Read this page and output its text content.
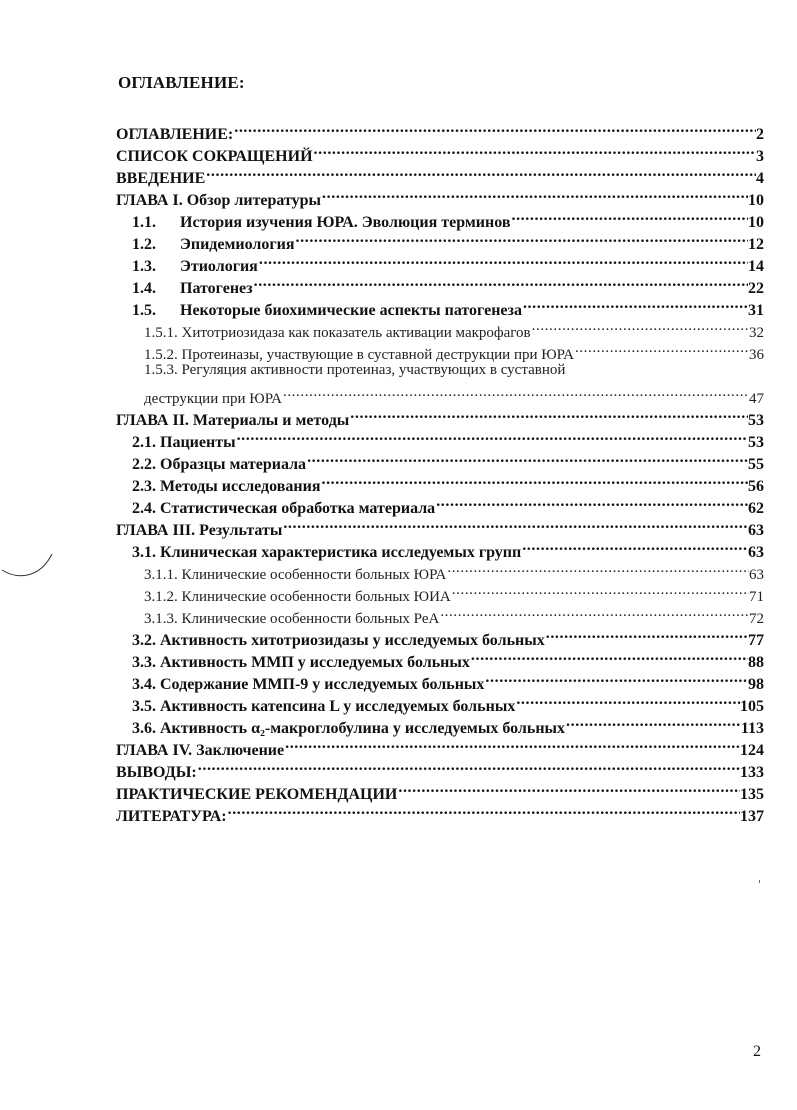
ОГЛАВЛЕНИЕ:
ОГЛАВЛЕНИЕ: .....	2
СПИСОК СОКРАЩЕНИЙ .....	3
ВВЕДЕНИЕ .....	4
ГЛАВА I. Обзор литературы .....	10
1.1.	История изучения ЮРА. Эволюция терминов .....	10
1.2.	Эпидемиология .....	12
1.3.	Этиология .....	14
1.4.	Патогенез .....	22
1.5.	Некоторые биохимические аспекты патогенеза .....	31
1.5.1. Хитотриозидаза как показатель активации макрофагов .....	32
1.5.2. Протеиназы, участвующие в суставной деструкции при ЮРА .....	36
1.5.3. Регуляция активности протеиназ, участвующих в суставной
деструкции при ЮРА .....	47
ГЛАВА II. Материалы и методы .....	53
2.1. Пациенты .....	53
2.2. Образцы материала .....	55
2.3. Методы исследования .....	56
2.4. Статистическая обработка материала .....	62
ГЛАВА III. Результаты .....	63
3.1. Клиническая характеристика исследуемых групп .....	63
3.1.1. Клинические особенности больных ЮРА .....	63
3.1.2. Клинические особенности больных ЮИА .....	71
3.1.3. Клинические особенности больных РеА .....	72
3.2. Активность хитотриозидазы у исследуемых больных .....	77
3.3. Активность ММП у исследуемых больных .....	88
3.4. Содержание ММП-9 у исследуемых больных .....	98
3.5. Активность катепсина L у исследуемых больных .....	105
3.6. Активность α₂-макроглобулина у исследуемых больных .....	113
ГЛАВА IV. Заключение .....	124
ВЫВОДЫ: .....	133
ПРАКТИЧЕСКИЕ РЕКОМЕНДАЦИИ .....	135
ЛИТЕРАТУРА: .....	137
2
